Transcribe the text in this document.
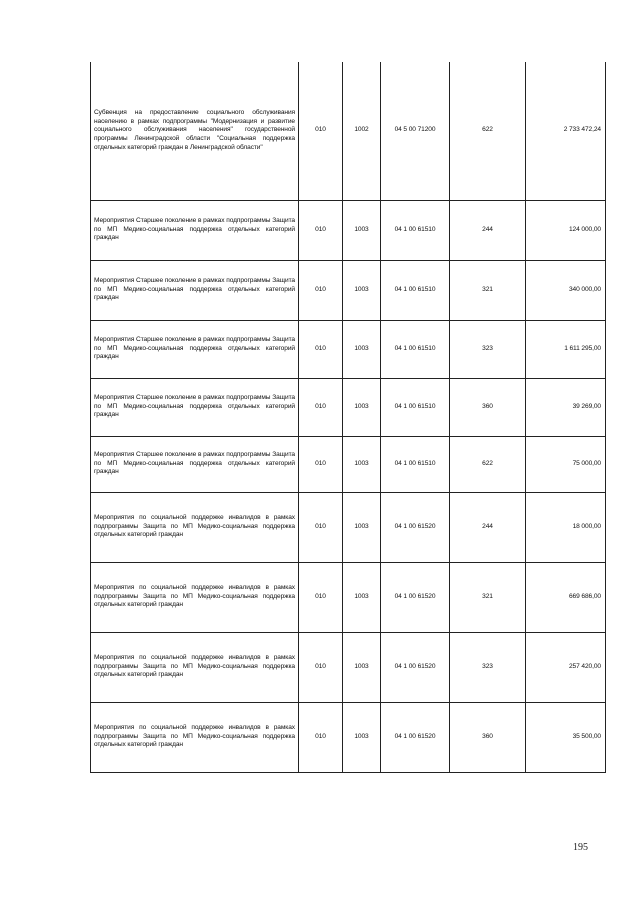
Субвенция на предоставление социального обслуживания населению в рамках подпрограммы "Модернизация и развитие социального обслуживания населения" государственной программы Ленинградской области "Социальная поддержка отдельных категорий граждан в Ленинградской области"	010	1002	04 5 00 71200	622	2 733 472,24
Мероприятия Старшее поколение в рамках подпрограммы Защита по МП Медико-социальная поддержка отдельных категорий граждан	010	1003	04 1 00 61510	244	124 000,00
Мероприятия Старшее поколение в рамках подпрограммы Защита по МП Медико-социальная поддержка отдельных категорий граждан	010	1003	04 1 00 61510	321	340 000,00
Мероприятия Старшее поколение в рамках подпрограммы Защита по МП Медико-социальная поддержка отдельных категорий граждан	010	1003	04 1 00 61510	323	1 611 295,00
Мероприятия Старшее поколение в рамках подпрограммы Защита по МП Медико-социальная поддержка отдельных категорий граждан	010	1003	04 1 00 61510	360	39 269,00
Мероприятия Старшее поколение в рамках подпрограммы Защита по МП Медико-социальная поддержка отдельных категорий граждан	010	1003	04 1 00 61510	622	75 000,00
Мероприятия по социальной поддержке инвалидов в рамках подпрограммы Защита по МП Медико-социальная поддержка отдельных категорий граждан	010	1003	04 1 00 61520	244	18 000,00
Мероприятия по социальной поддержке инвалидов в рамках подпрограммы Защита по МП Медико-социальная поддержка отдельных категорий граждан	010	1003	04 1 00 61520	321	669 686,00
Мероприятия по социальной поддержке инвалидов в рамках подпрограммы Защита по МП Медико-социальная поддержка отдельных категорий граждан	010	1003	04 1 00 61520	323	257 420,00
Мероприятия по социальной поддержке инвалидов в рамках подпрограммы Защита по МП Медико-социальная поддержка отдельных категорий граждан	010	1003	04 1 00 61520	360	35 500,00
195
